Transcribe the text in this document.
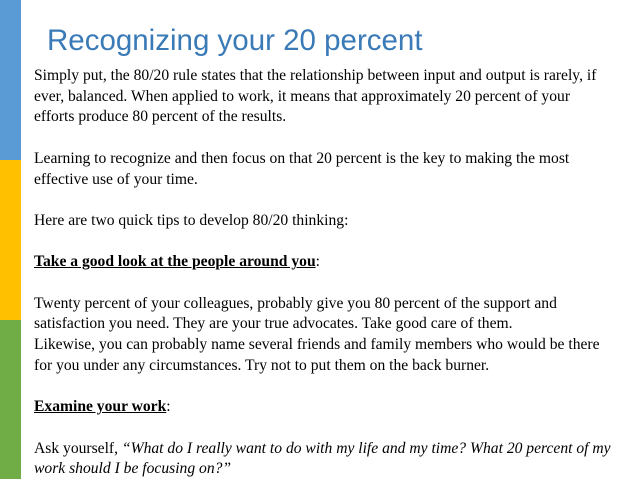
Recognizing your 20 percent

Simply put, the 80/20 rule states that the relationship between input and output is rarely, if ever, balanced. When applied to work, it means that approximately 20 percent of your efforts produce 80 percent of the results.

Learning to recognize and then focus on that 20 percent is the key to making the most effective use of your time.

Here are two quick tips to develop 80/20 thinking:

Take a good look at the people around you:

Twenty percent of your colleagues, probably give you 80 percent of the support and satisfaction you need. They are your true advocates. Take good care of them.

Likewise, you can probably name several friends and family members who would be there for you under any circumstances. Try not to put them on the back burner.

Examine your work:

Ask yourself, “What do I really want to do with my life and my time? What 20 percent of my work should I be focusing on?”
